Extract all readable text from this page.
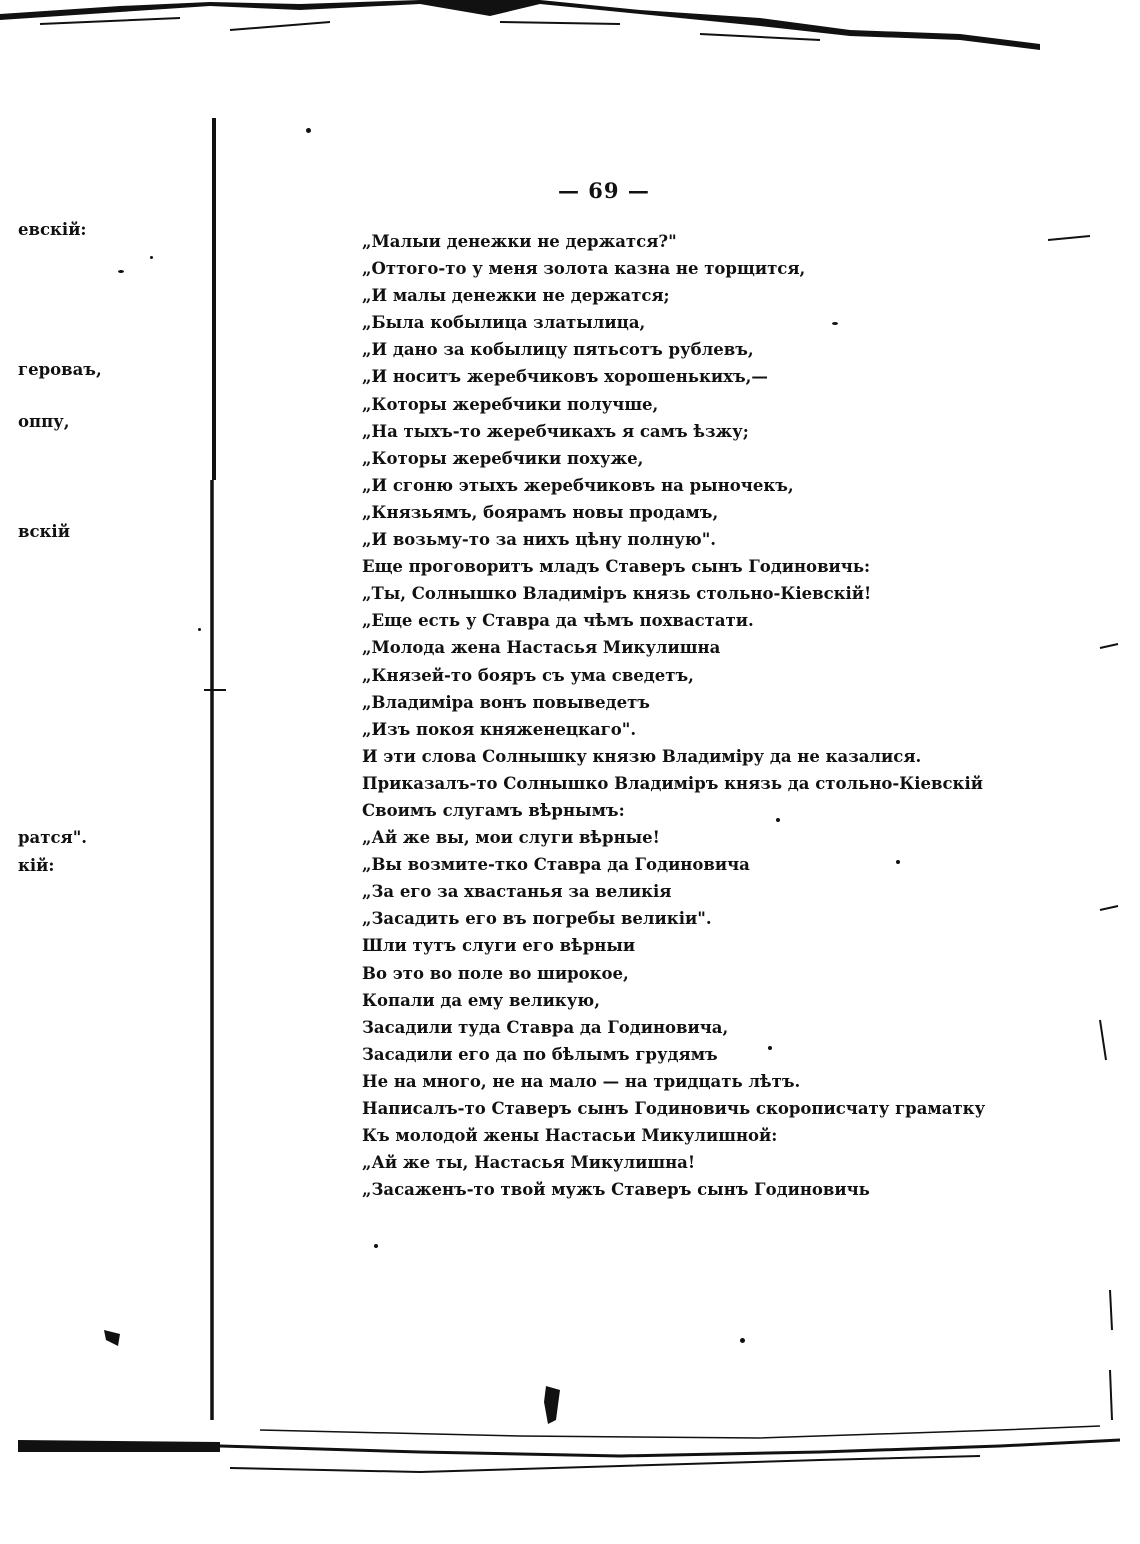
— 69 —
евскій:
героваъ,
оппу,
вскій
ратся".
кій:
„Малыи денежки не держатся?"
„Оттого-то у меня золота казна не торщится,
„И малы денежки не держатся;
„Была кобылица златылица,
„И дано за кобылицу пятьсотъ рублевъ,
„И носитъ жеребчиковъ хорошенькихъ,—
„Которы жеребчики получше,
„На тыхъ-то жеребчикахъ я самъ ѣзжу;
„Которы жеребчики похуже,
„И сгоню этыхъ жеребчиковъ на рыночекъ,
„Князьямъ, боярамъ новы продамъ,
„И возьму-то за нихъ цѣну полную".
Еще проговоритъ младъ Ставеръ сынъ Годиновичь:
„Ты, Солнышко Владиміръ князь стольно-Кіевскій!
„Еще есть у Ставра да чѣмъ похвастати.
„Молода жена Настасья Микулишна
„Князей-то бояръ съ ума сведетъ,
„Владиміра вонъ повыведетъ
„Изъ покоя княженецкаго".
И эти слова Солнышку князю Владиміру да не казалися.
Приказалъ-то Солнышко Владиміръ князь да стольно-Кіевскій
Своимъ слугамъ вѣрнымъ:
„Ай же вы, мои слуги вѣрные!
„Вы возмите-тко Ставра да Годиновича
„За его за хвастанья за великія
„Засадить его въ погребы великіи".
Шли тутъ слуги его вѣрныи
Во это во поле во широкое,
Копали да ему великую,
Засадили туда Ставра да Годиновича,
Засадили его да по бѣлымъ грудямъ
Не на много, не на мало — на тридцать лѣтъ.
Написалъ-то Ставеръ сынъ Годиновичь скорописчату граматку
Къ молодой жены Настасьи Микулишной:
„Ай же ты, Настасья Микулишна!
„Засаженъ-то твой мужъ Ставеръ сынъ Годиновичь
